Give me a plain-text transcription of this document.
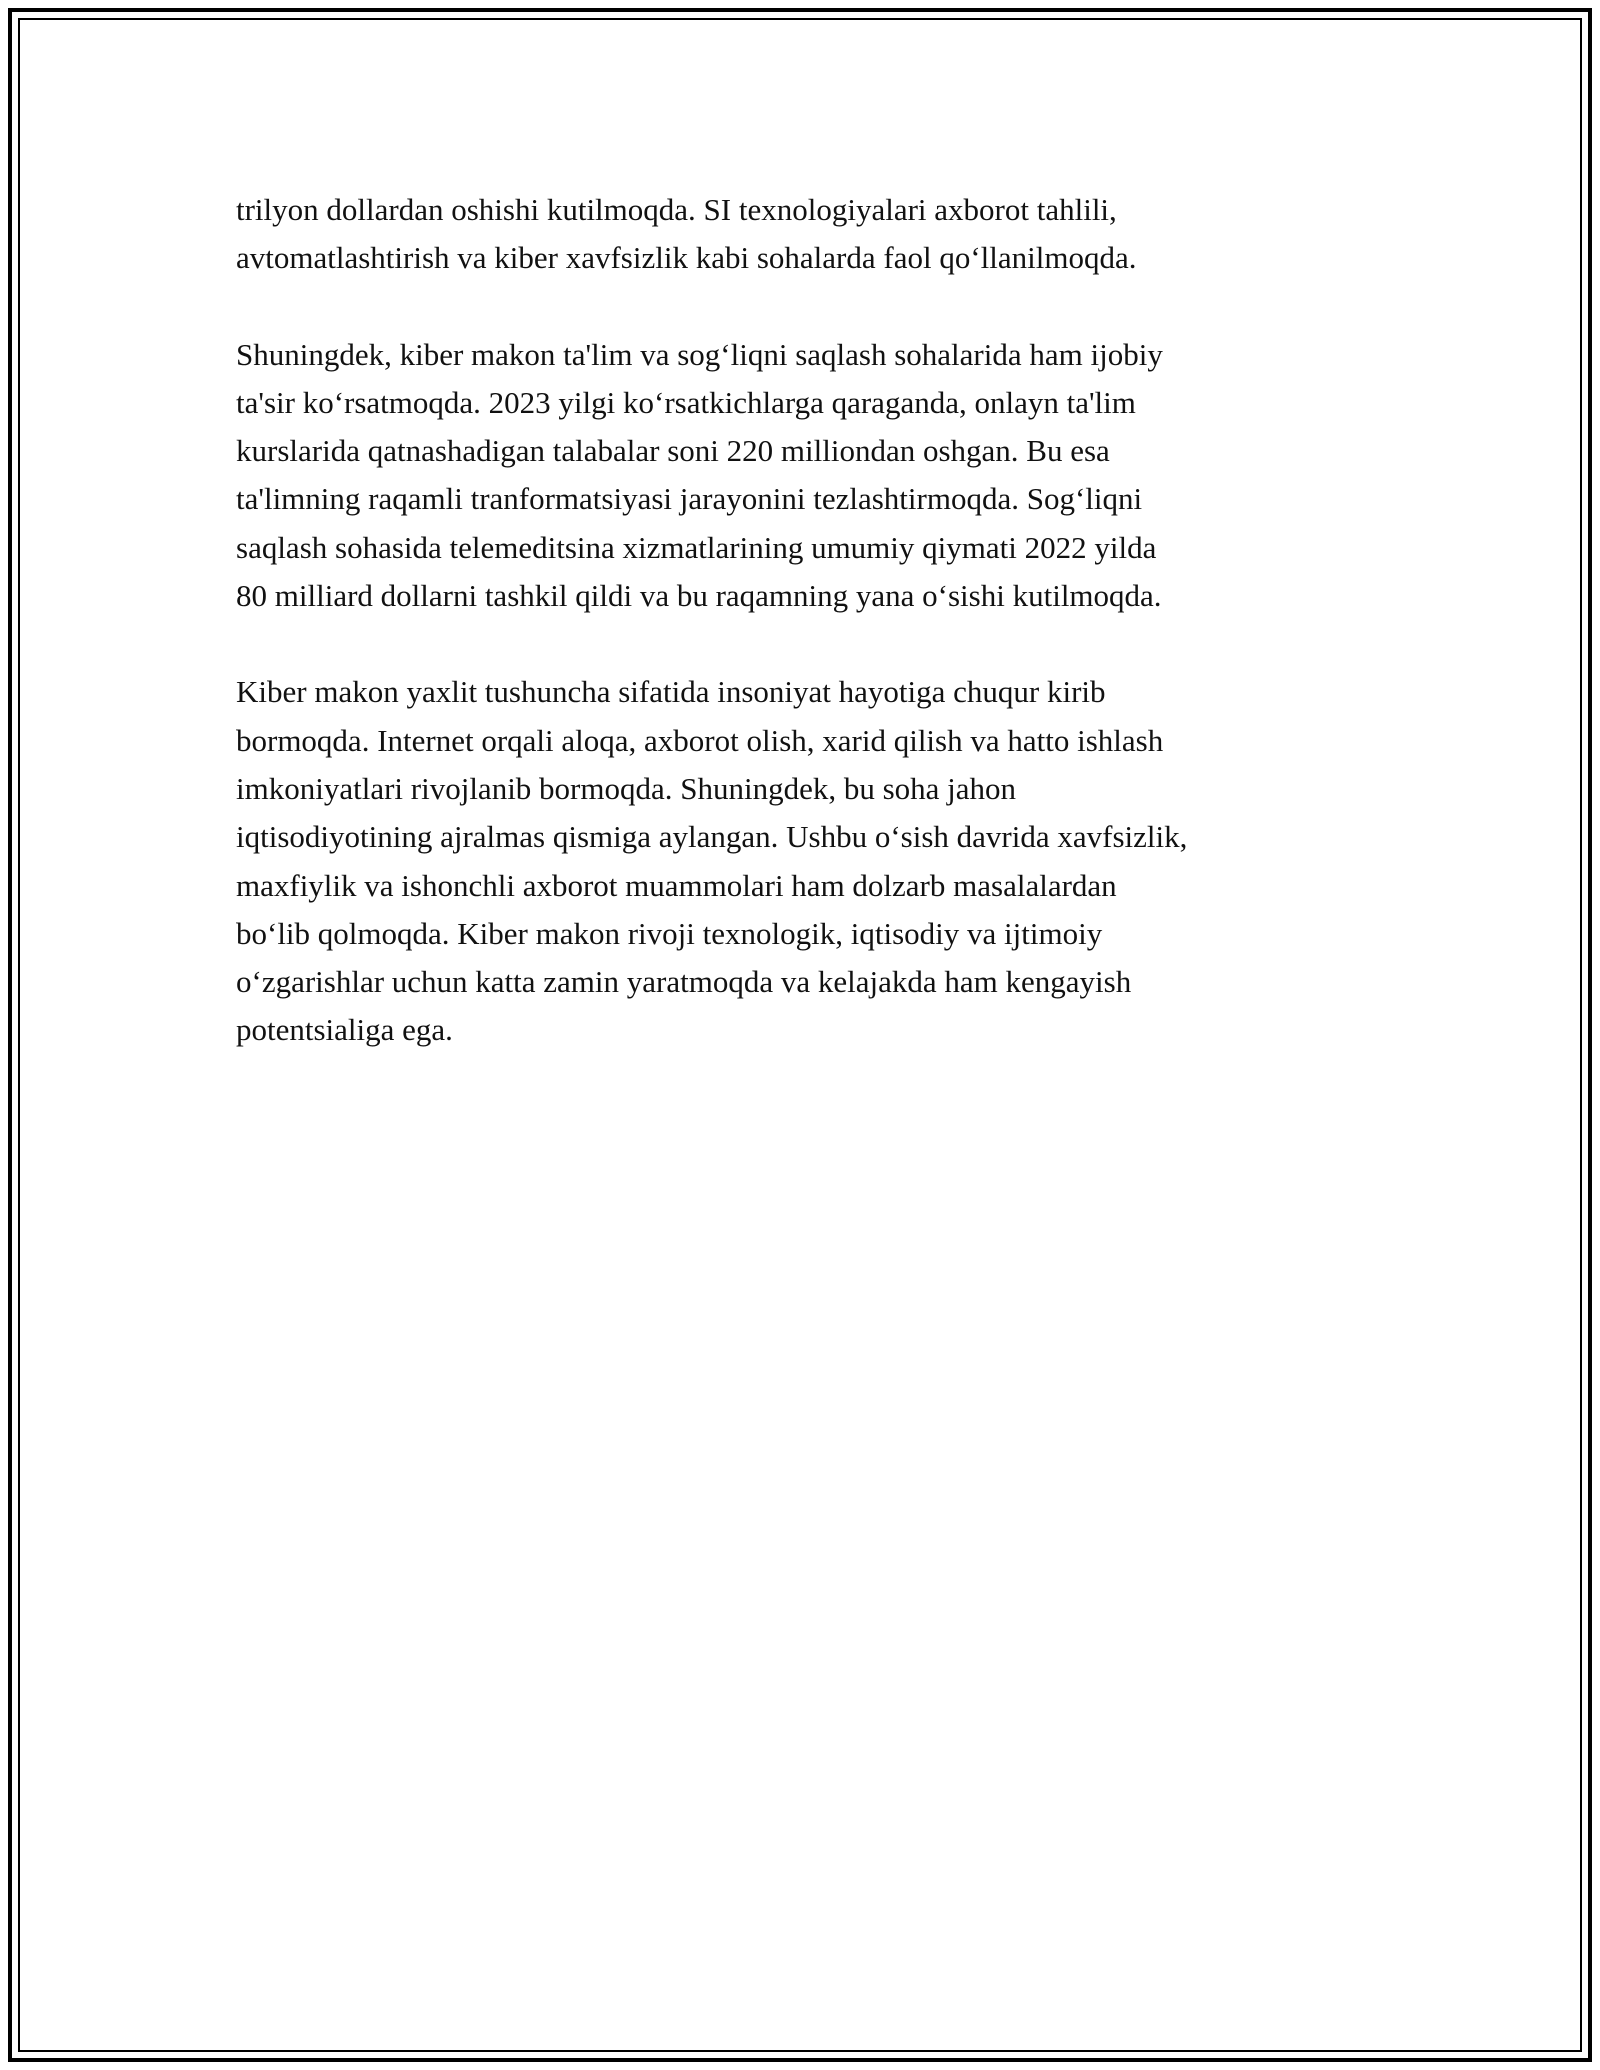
trilyon dollardan oshishi kutilmoqda. SI texnologiyalari axborot tahlili,
avtomatlashtirish va kiber xavfsizlik kabi sohalarda faol qo‘llanilmoqda.

Shuningdek, kiber makon ta'lim va sog‘liqni saqlash sohalarida ham ijobiy
ta'sir ko‘rsatmoqda. 2023 yilgi ko‘rsatkichlarga qaraganda, onlayn ta'lim
kurslarida qatnashadigan talabalar soni 220 milliondan oshgan. Bu esa
ta'limning raqamli tranformatsiyasi jarayonini tezlashtirmoqda. Sog‘liqni
saqlash sohasida telemeditsina xizmatlarining umumiy qiymati 2022 yilda
80 milliard dollarni tashkil qildi va bu raqamning yana o‘sishi kutilmoqda.

Kiber makon yaxlit tushuncha sifatida insoniyat hayotiga chuqur kirib
bormoqda. Internet orqali aloqa, axborot olish, xarid qilish va hatto ishlash
imkoniyatlari rivojlanib bormoqda. Shuningdek, bu soha jahon
iqtisodiyotining ajralmas qismiga aylangan. Ushbu o‘sish davrida xavfsizlik,
maxfiylik va ishonchli axborot muammolari ham dolzarb masalalardan
bo‘lib qolmoqda. Kiber makon rivoji texnologik, iqtisodiy va ijtimoiy
o‘zgarishlar uchun katta zamin yaratmoqda va kelajakda ham kengayish
potentsialiga ega.
